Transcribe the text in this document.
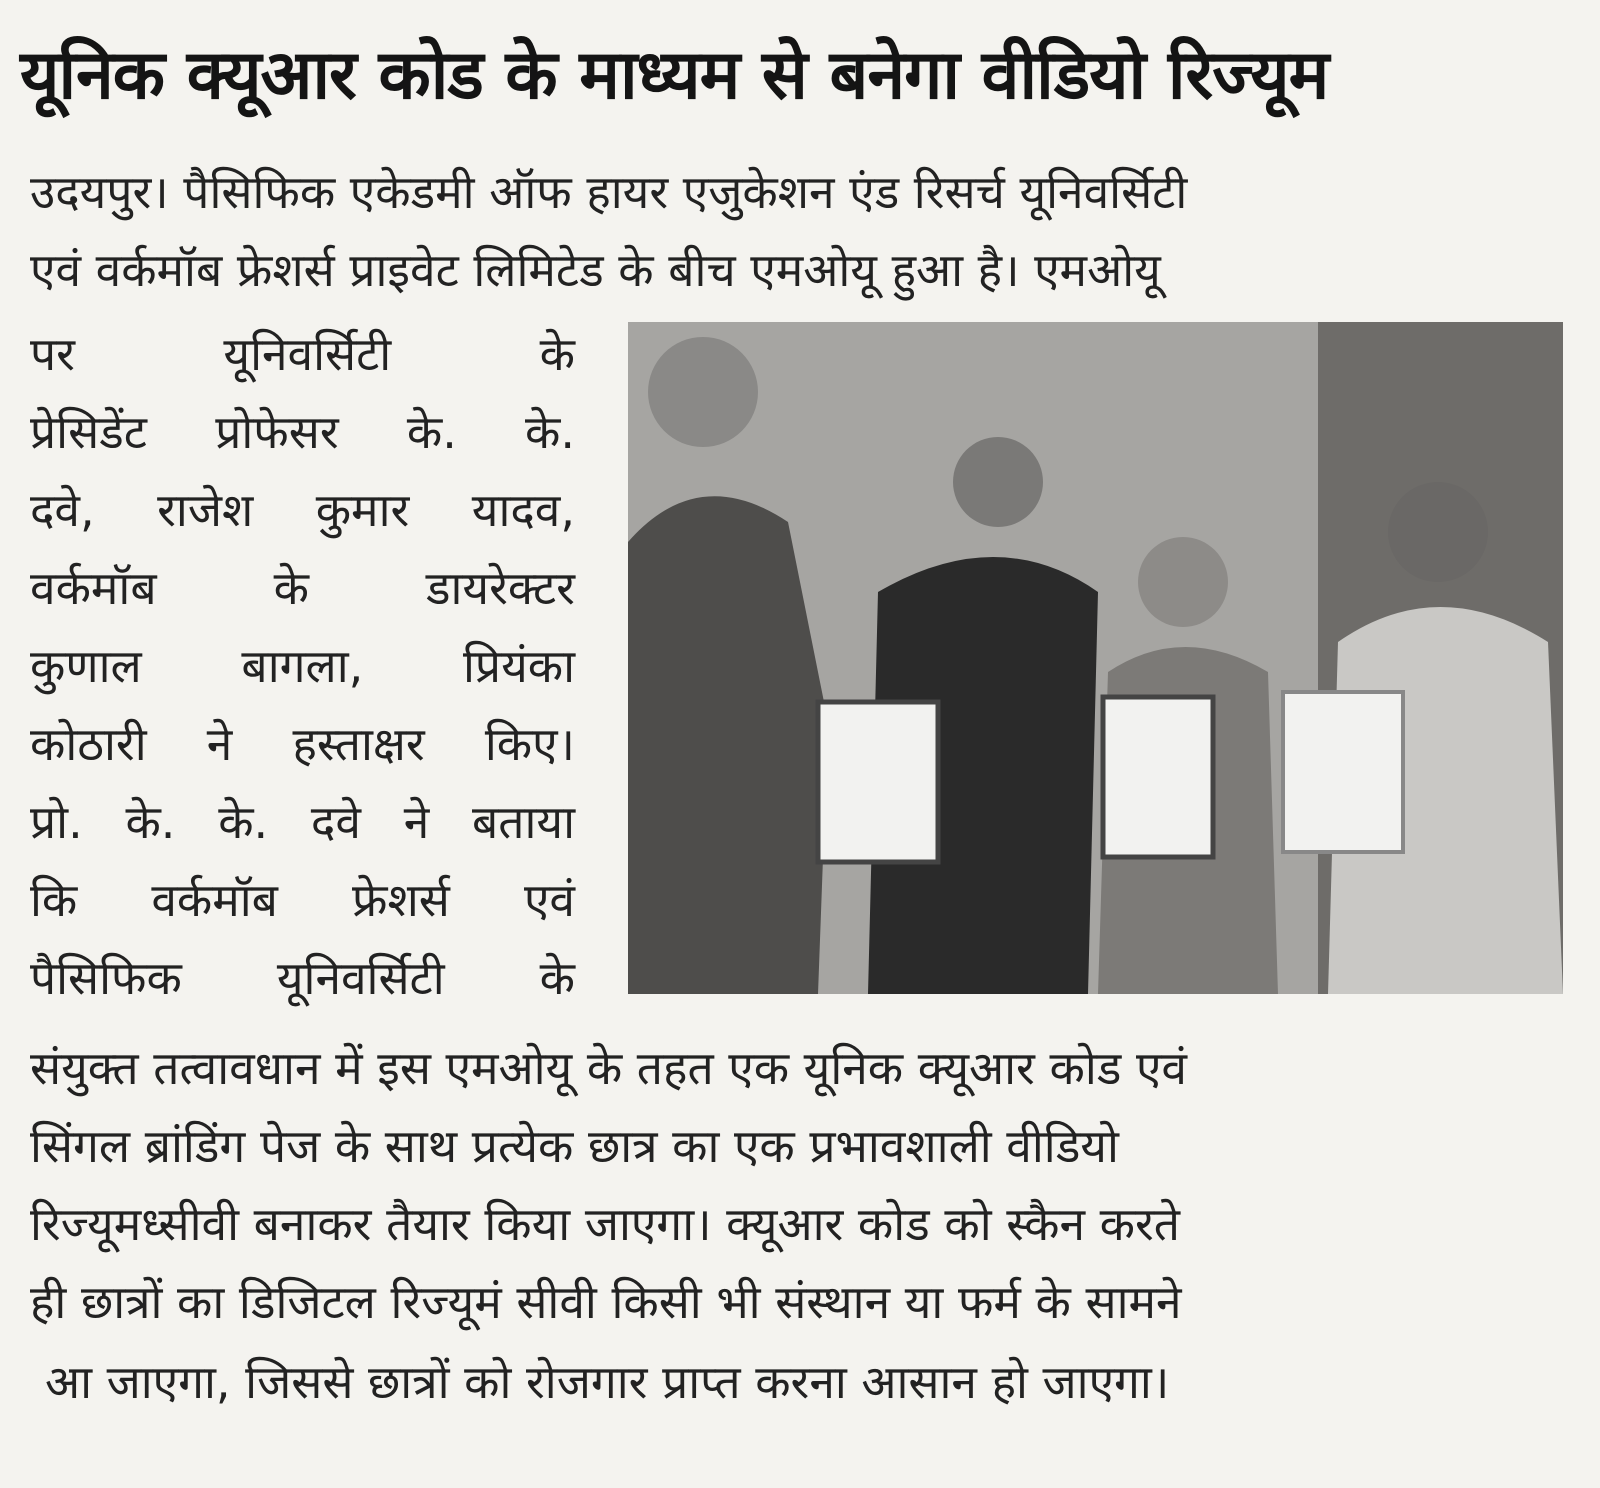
यूनिक क्यूआर कोड के माध्यम से बनेगा वीडियो रिज्यूम
उदयपुर। पैसिफिक एकेडमी ऑफ हायर एजुकेशन एंड रिसर्च यूनिवर्सिटी
एवं वर्कमॉब फ्रेशर्स प्राइवेट लिमिटेड के बीच एमओयू हुआ है। एमओयू
पर यूनिवर्सिटी के
प्रेसिडेंट प्रोफेसर के. के.
दवे, राजेश कुमार यादव,
वर्कमॉब के डायरेक्टर
कुणाल बागला, प्रियंका
कोठारी ने हस्ताक्षर किए।
प्रो. के. के. दवे ने बताया
कि वर्कमॉब फ्रेशर्स एवं
पैसिफिक यूनिवर्सिटी के
संयुक्त तत्वावधान में इस एमओयू के तहत एक यूनिक क्यूआर कोड एवं
सिंगल ब्रांडिंग पेज के साथ प्रत्येक छात्र का एक प्रभावशाली वीडियो
रिज्यूमध्सीवी बनाकर तैयार किया जाएगा। क्यूआर कोड को स्कैन करते
ही छात्रों का डिजिटल रिज्यूमं सीवी किसी भी संस्थान या फर्म के सामने
आ जाएगा, जिससे छात्रों को रोजगार प्राप्त करना आसान हो जाएगा।
